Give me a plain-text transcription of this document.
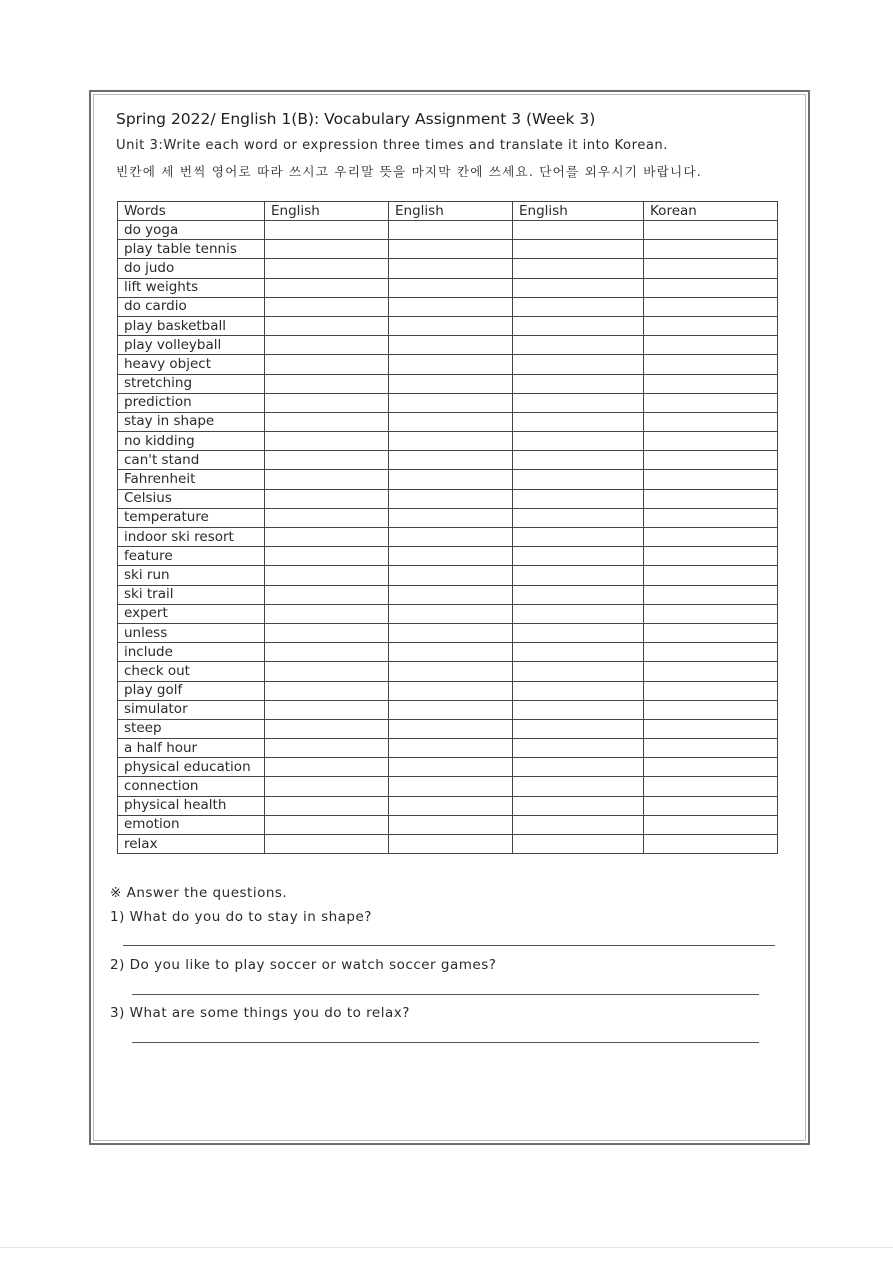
Spring 2022/ English 1(B): Vocabulary Assignment 3 (Week 3)
Unit 3:Write each word or expression three times and translate it into Korean.
빈칸에 세 번씩 영어로 따라 쓰시고 우리말 뜻을 마지막 칸에 쓰세요. 단어를 외우시기 바랍니다.
Words	English	English	English	Korean
do yoga				
play table tennis				
do judo				
lift weights				
do cardio				
play basketball				
play volleyball				
heavy object				
stretching				
prediction				
stay in shape				
no kidding				
can't stand				
Fahrenheit				
Celsius				
temperature				
indoor ski resort				
feature				
ski run				
ski trail				
expert				
unless				
include				
check out				
play golf				
simulator				
steep				
a half hour				
physical education				
connection				
physical health				
emotion				
relax				
※ Answer the questions.
1) What do you do to stay in shape?
2) Do you like to play soccer or watch soccer games?
3) What are some things you do to relax?
